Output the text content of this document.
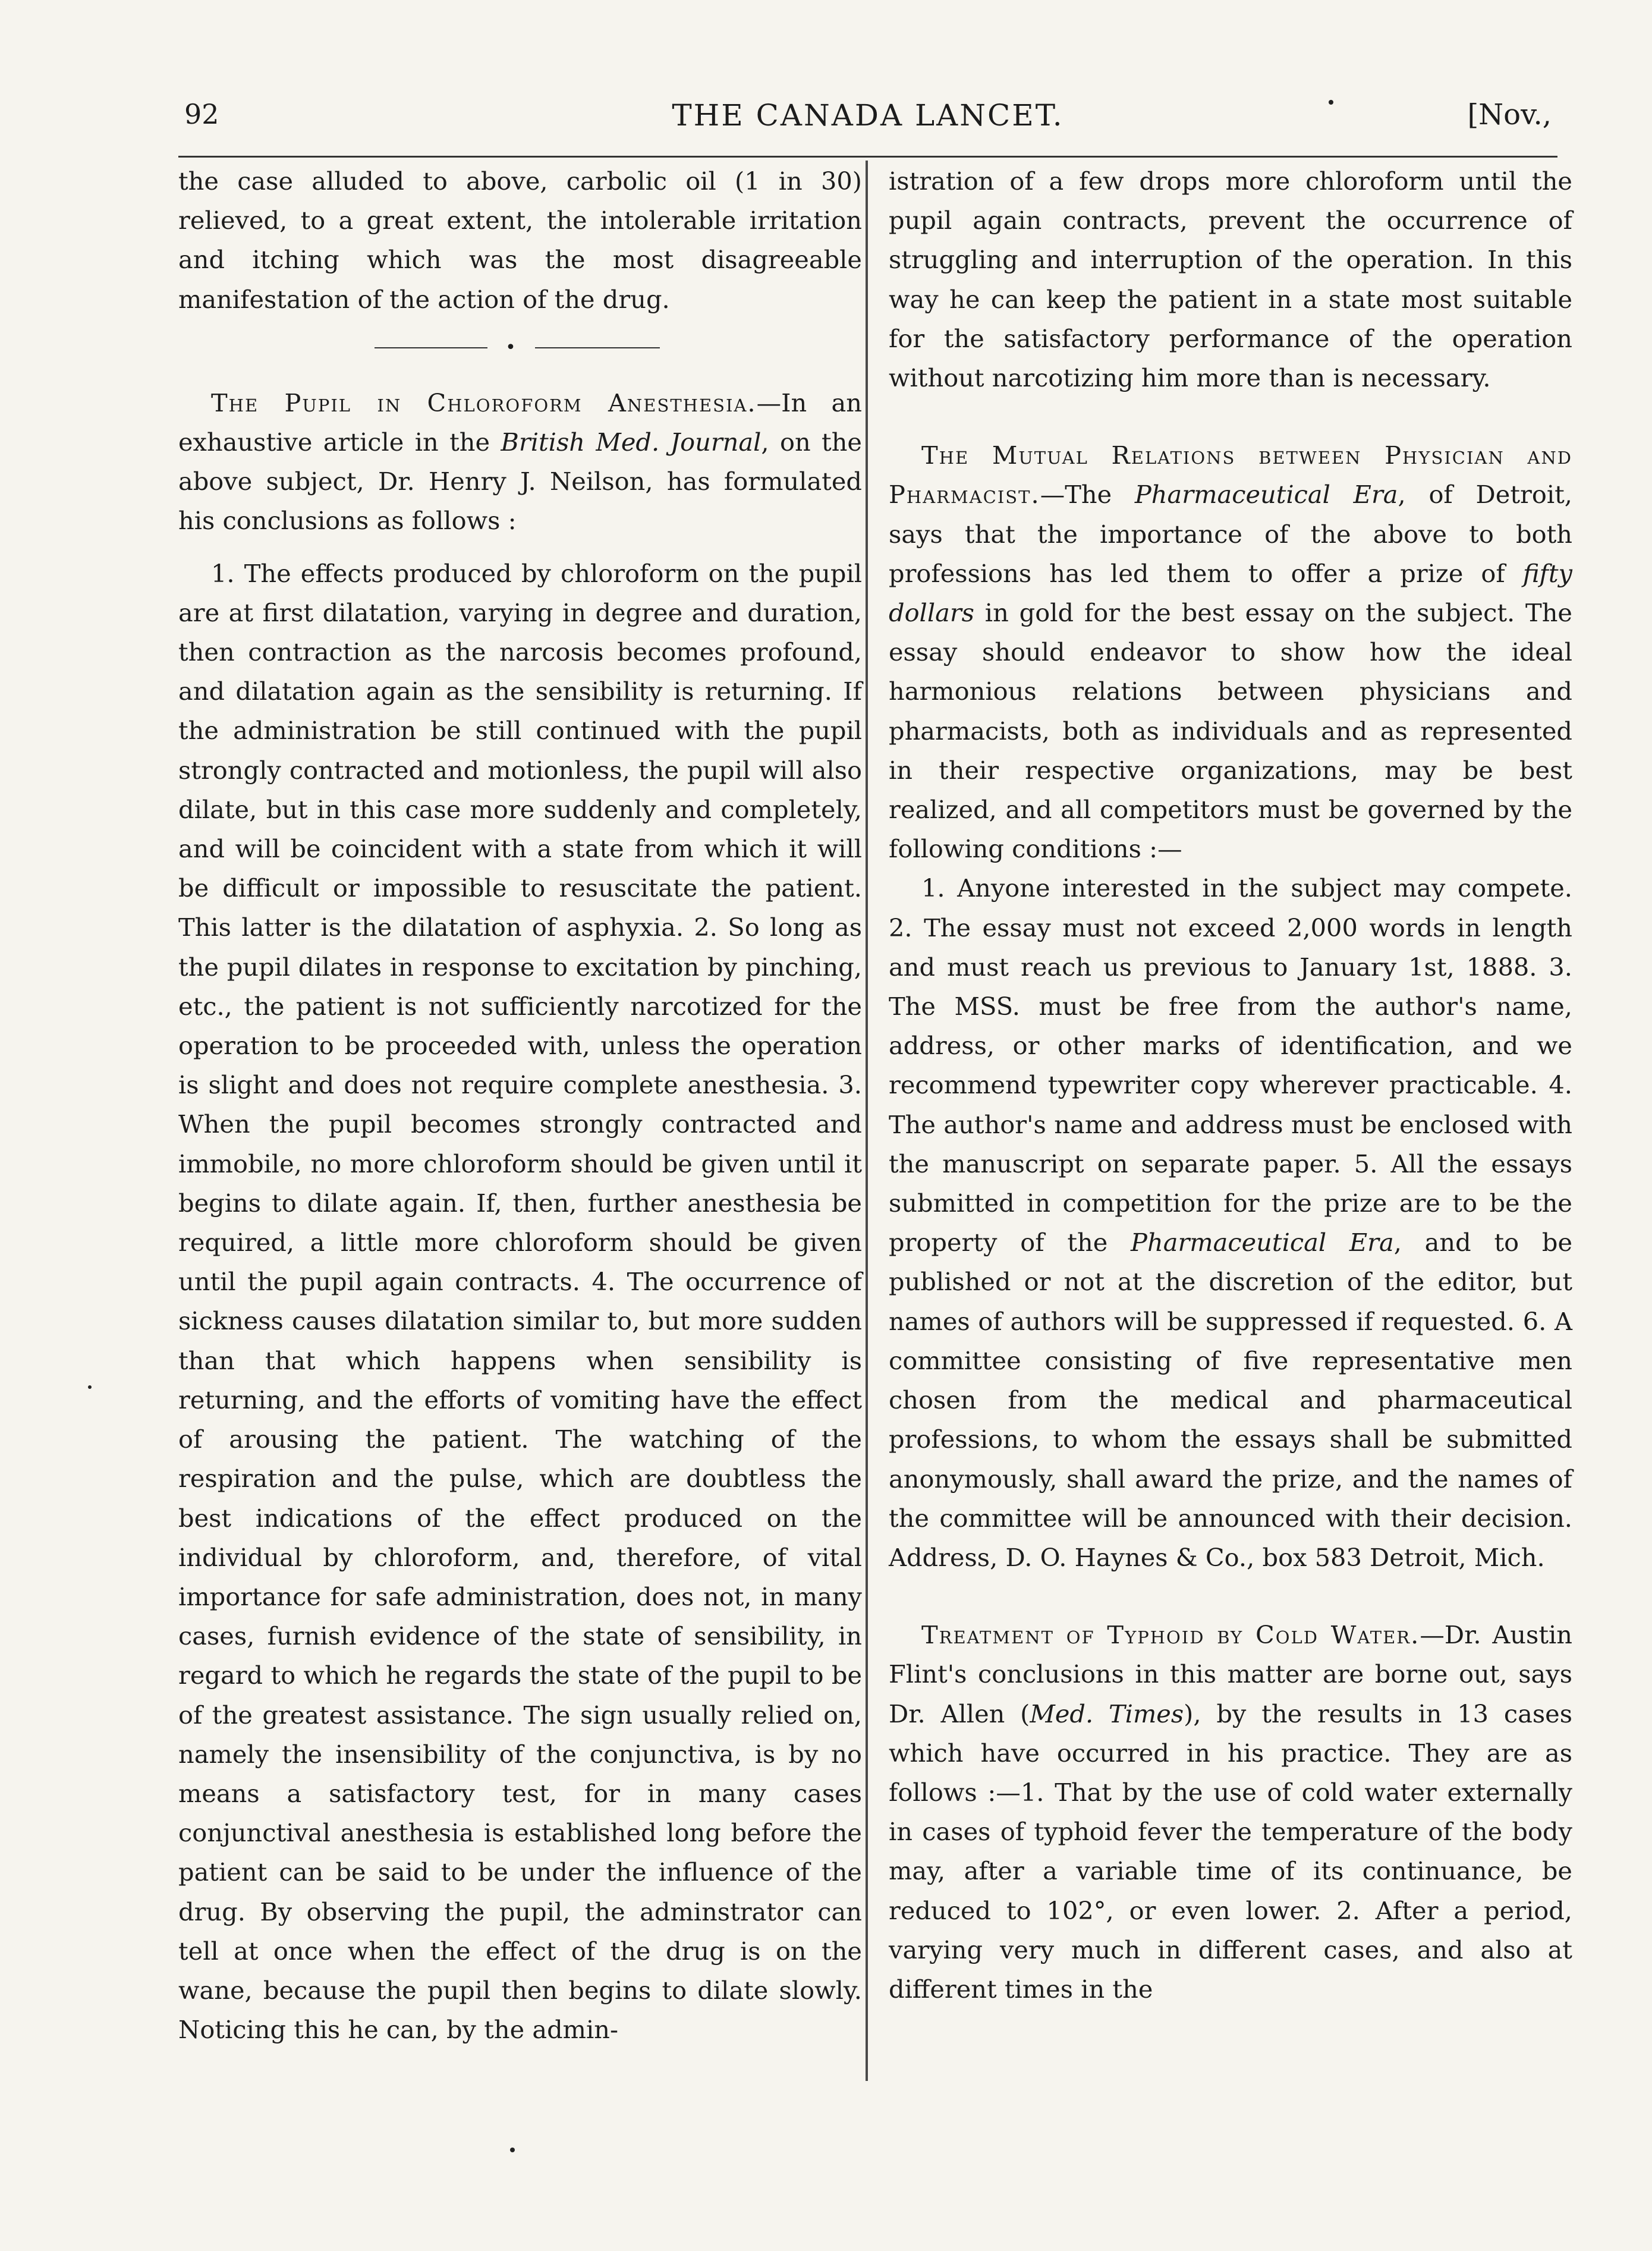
92	THE CANADA LANCET.	[Nov.,

the case alluded to above, carbolic oil (1 in 30) relieved, to a great extent, the intolerable irritation and itching which was the most disagreeable manifestation of the action of the drug.

•

The Pupil in Chloroform Anesthesia.—In an exhaustive article in the British Med. Journal, on the above subject, Dr. Henry J. Neilson, has formulated his conclusions as follows :

1. The effects produced by chloroform on the pupil are at first dilatation, varying in degree and duration, then contraction as the narcosis becomes profound, and dilatation again as the sensibility is returning. If the administration be still continued with the pupil strongly contracted and motionless, the pupil will also dilate, but in this case more suddenly and completely, and will be coincident with a state from which it will be difficult or impossible to resuscitate the patient. This latter is the dilatation of asphyxia. 2. So long as the pupil dilates in response to excitation by pinching, etc., the patient is not sufficiently narcotized for the operation to be proceeded with, unless the operation is slight and does not require complete anesthesia. 3. When the pupil becomes strongly contracted and immobile, no more chloroform should be given until it begins to dilate again. If, then, further anesthesia be required, a little more chloroform should be given until the pupil again contracts. 4. The occurrence of sickness causes dilatation similar to, but more sudden than that which happens when sensibility is returning, and the efforts of vomiting have the effect of arousing the patient. The watching of the respiration and the pulse, which are doubtless the best indications of the effect produced on the individual by chloroform, and, therefore, of vital importance for safe administration, does not, in many cases, furnish evidence of the state of sensibility, in regard to which he regards the state of the pupil to be of the greatest assistance. The sign usually relied on, namely the insensibility of the conjunctiva, is by no means a satisfactory test, for in many cases conjunctival anesthesia is established long before the patient can be said to be under the influence of the drug. By observing the pupil, the adminstrator can tell at once when the effect of the drug is on the wane, because the pupil then begins to dilate slowly. Noticing this he can, by the admin-

istration of a few drops more chloroform until the pupil again contracts, prevent the occurrence of struggling and interruption of the operation. In this way he can keep the patient in a state most suitable for the satisfactory performance of the operation without narcotizing him more than is necessary.

The Mutual Relations between Physician and Pharmacist.—The Pharmaceutical Era, of Detroit, says that the importance of the above to both professions has led them to offer a prize of fifty dollars in gold for the best essay on the subject. The essay should endeavor to show how the ideal harmonious relations between physicians and pharmacists, both as individuals and as represented in their respective organizations, may be best realized, and all competitors must be governed by the following conditions :—

1. Anyone interested in the subject may compete. 2. The essay must not exceed 2,000 words in length and must reach us previous to January 1st, 1888. 3. The MSS. must be free from the author's name, address, or other marks of identification, and we recommend typewriter copy wherever practicable. 4. The author's name and address must be enclosed with the manuscript on separate paper. 5. All the essays submitted in competition for the prize are to be the property of the Pharmaceutical Era, and to be published or not at the discretion of the editor, but names of authors will be suppressed if requested. 6. A committee consisting of five representative men chosen from the medical and pharmaceutical professions, to whom the essays shall be submitted anonymously, shall award the prize, and the names of the committee will be announced with their decision. Address, D. O. Haynes & Co., box 583 Detroit, Mich.

Treatment of Typhoid by Cold Water.—Dr. Austin Flint's conclusions in this matter are borne out, says Dr. Allen (Med. Times), by the results in 13 cases which have occurred in his practice. They are as follows :—1. That by the use of cold water externally in cases of typhoid fever the temperature of the body may, after a variable time of its continuance, be reduced to 102°, or even lower. 2. After a period, varying very much in different cases, and also at different times in the
